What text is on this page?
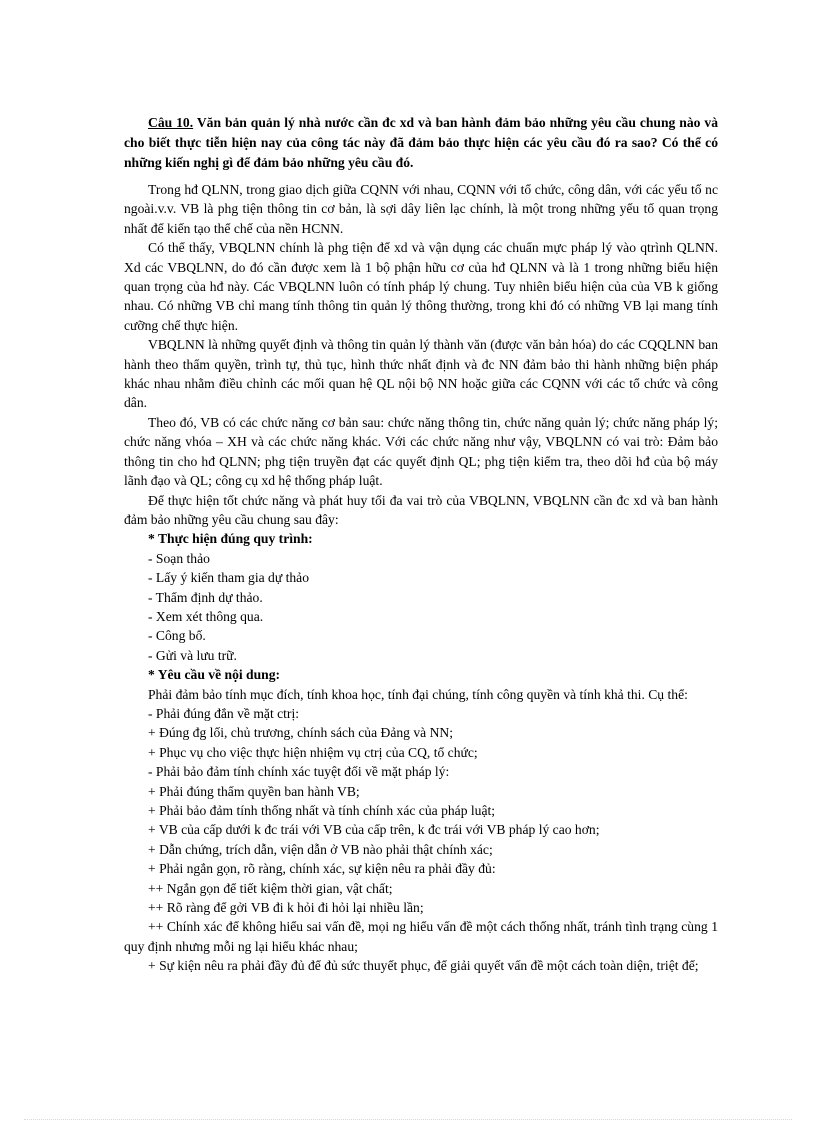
Câu 10. Văn bản quản lý nhà nước cần đc xd và ban hành đảm bảo những yêu cầu chung nào và cho biết thực tiễn hiện nay của công tác này đã đảm bảo thực hiện các yêu cầu đó ra sao? Có thể có những kiến nghị gì để đảm bảo những yêu cầu đó.

Trong hđ QLNN, trong giao dịch giữa CQNN với nhau, CQNN với tổ chức, công dân, với các yếu tố nc ngoài.v.v. VB là phg tiện thông tin cơ bản, là sợi dây liên lạc chính, là một trong những yếu tố quan trọng nhất để kiến tạo thể chế của nền HCNN.

Có thể thấy, VBQLNN chính là phg tiện để xd và vận dụng các chuẩn mực pháp lý vào qtrình QLNN. Xd các VBQLNN, do đó cần được xem là 1 bộ phận hữu cơ của hđ QLNN và là 1 trong những biểu hiện quan trọng của hđ này. Các VBQLNN luôn có tính pháp lý chung. Tuy nhiên biểu hiện của của VB k giống nhau. Có những VB chỉ mang tính thông tin quản lý thông thường, trong khi đó có những VB lại mang tính cưỡng chế thực hiện.

VBQLNN là những quyết định và thông tin quản lý thành văn (được văn bản hóa) do các CQQLNN ban hành theo thẩm quyền, trình tự, thủ tục, hình thức nhất định và đc NN đảm bảo thi hành những biện pháp khác nhau nhằm điều chỉnh các mối quan hệ QL nội bộ NN hoặc giữa các CQNN với các tổ chức và công dân.

Theo đó, VB có các chức năng cơ bản sau: chức năng thông tin, chức năng quản lý; chức năng pháp lý; chức năng vhóa – XH và các chức năng khác. Với các chức năng như vậy, VBQLNN có vai trò: Đảm bảo thông tin cho hđ QLNN; phg tiện truyền đạt các quyết định QL; phg tiện kiểm tra, theo dõi hđ của bộ máy lãnh đạo và QL; công cụ xd hệ thống pháp luật.

Để thực hiện tốt chức năng và phát huy tối đa vai trò của VBQLNN, VBQLNN cần đc xd và ban hành đảm bảo những yêu cầu chung sau đây:

* Thực hiện đúng quy trình:

- Soạn thảo

- Lấy ý kiến tham gia dự thảo

- Thẩm định dự thảo.

- Xem xét thông qua.

- Công bố.

- Gửi và lưu trữ.

* Yêu cầu về nội dung:

Phải đảm bảo tính mục đích, tính khoa học, tính đại chúng, tính công quyền và tính khả thi. Cụ thể:

- Phải đúng đắn về mặt ctrị:

+ Đúng đg lối, chủ trương, chính sách của Đảng và NN;

+ Phục vụ cho việc thực hiện nhiệm vụ ctrị của CQ, tổ chức;

- Phải bảo đảm tính chính xác tuyệt đối về mặt pháp lý:

+ Phải đúng thẩm quyền ban hành VB;

+ Phải bảo đảm tính thống nhất và tính chính xác của pháp luật;

+ VB của cấp dưới k đc trái với VB của cấp trên, k đc trái với VB pháp lý cao hơn;

+ Dẫn chứng, trích dẫn, viện dẫn ở VB nào phải thật chính xác;

+ Phải ngắn gọn, rõ ràng, chính xác, sự kiện nêu ra phải đầy đủ:

++ Ngắn gọn để tiết kiệm thời gian, vật chất;

++ Rõ ràng để gởi VB đi k hỏi đi hỏi lại nhiều lần;

++ Chính xác để không hiểu sai vấn đề, mọi ng hiểu vấn đề một cách thống nhất, tránh tình trạng cùng 1 quy định nhưng mỗi ng lại hiểu khác nhau;

+ Sự kiện nêu ra phải đầy đủ để đủ sức thuyết phục, để giải quyết vấn đề một cách toàn diện, triệt để;
